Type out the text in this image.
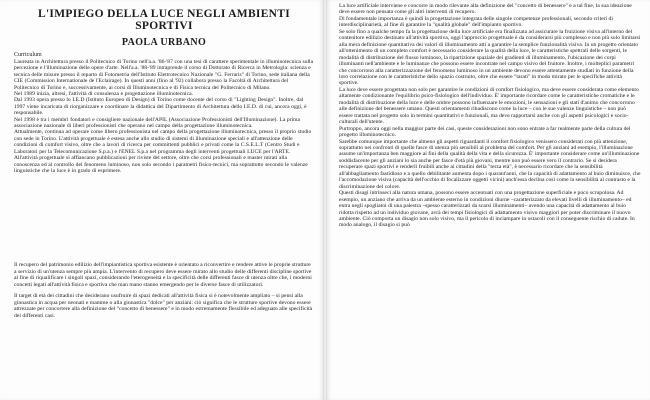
L'IMPIEGO DELLA LUCE NEGLI AMBIENTI SPORTIVI
PAOLA URBANO

Curriculum

Laureata in Architettura presso il Politecnico di Torino nell'a.a. '86-'87 con una tesi di carattere sperimentale in illuminotecnica sulla percezione e l'illuminazione delle opere d'arte. Nell'a.a. '88-'89 intraprende il corso di Dottorato di Ricerca in Metrologia: scienza e tecnica delle misure presso il reparto di Fotometria dell'Istituto Elettrotecnico Nazionale "G. Ferraris" di Torino, sede italiana della CIE (Commission Internationale de l'Eclairage). In questi anni (fino al '92) collabora presso la Facoltà di Architettura del Politecnico di Torino e, successivamente, ai corsi di Illuminotecnica e di Fisica tecnica del Politecnico di Milano.

Nel 1989 inizia, altresì, l'attività di consulenza e progettazione illuminotecnica.

Dal 1993 opera presso lo I.E.D (Istituto Europeo di Design) di Torino come docente del corso di "Lighting Design". Inoltre, dal 1997 viene incaricata di riorganizzare e coordinare la didattica del Dipartimento di Architettura dello I.E.D. di cui, ancora oggi, è responsabile.

Nel 1998 è tra i membri fondatori e consigliere nazionale dell'APIL (Associazione Professionisti dell'Illuminazione). La prima associazione nazionale di liberi professionisti che operano nel campo della progettazione illuminotecnica.

Attualmente, continua ad operare come libero professionista nel campo della progettazione illuminotecnica, presso il proprio studio con sede in Torino. L'attività progettuale è estesa anche allo studio di sistemi di illuminazione speciali e all'attenzione delle condizioni di comfort visivo, oltre che a lavori di ricerca per committenti pubblici e privati come la C.S.E.L.T (Centro Studi e Laboratori per la Telecomunicazione S.p.a.) e l'ENEL S.p.a nel programma degli interventi progettuali LUCE per l'ARTE.

All'attività progettuale si affiancano pubblicazioni per riviste del settore, oltre che corsi professionali e master mirati alla conoscenza ed al controllo del fenomeno luminoso, non solo secondo i parametri fisico-tecnici, ma soprattutto secondo le valenze linguistiche che la luce è in grado di esprimere.

Il recupero del patrimonio edilizio dell'impiantistica sportiva esistente è orientato a riconvertire e rendere attive le proprie strutture a servizio di un'utenza sempre più ampia. L'intervento di recupero deve essere mirato allo studio delle differenti discipline sportive al fine di riqualificare i singoli spazi, considerando l'eterogeneità e la specificità delle differenti fasce di utenza oltre che, i moderni concetti legati all'attività fisica e sportiva che man mano stanno emergendo per le diverse fasce di utilizzatori.

Il target di età dei cittadini che desiderano usufruire di spazi dedicati all'attività fisica si è notevolmente ampliato – si pensi alla ginnastica in acqua per neonati e mamme o alla ginnastica "dolce" per anziani: ciò significa che le strutture sportive devono essere attrezzate per concorrere alla definizione del "concetto di benessere" e in modo estremamente flessibile ed adeguato alle specificità dei differenti casi.

La luce artificiale interviene e concorre in modo rilevante alla definizione del "concetto di benessere" e a tal fine, la sua ideazione deve essere non pensata come gli altri interventi di recupero.

Di fondamentale importanza è quindi la progettazione integrata delle singole competenze professionali, secondo criteri di interdisciplinarietà, al fine di garantire la "qualità globale" dell'impianto sportivo.

Se solo fino a qualche tempo fa la progettazione della luce artificiale era finalizzata ad assicurare la fruizione visiva all'interno del contenitore edilizio destinato all'attività sportiva, oggi l'approccio progettuale è da considerarsi più complesso e non più solo limitarsi alla mera definizione quantitativa dei valori di illuminamento atti a garantire la semplice funzionalità visiva. In un progetto orientato all'ottenimento di un completo comfort è necessario considerare la qualità della luce, le caratteristiche spettrali delle sorgenti, le modalità di distribuzione del flusso luminoso, la ripartizione spaziale dei gradienti di illuminamento, l'ubicazione dei corpi illuminanti nell'ambiente e le luminanze che possono essere incontrate nel campo visivo del fruitore. Inoltre, i molteplici parametri che concorrono alla caratterizzazione del fenomeno luminoso in un ambiente devono essere attentamente studiati in funzione della loro correlazione con le caratteristiche dello spazio costruito, oltre che essere "tarati" in modo mirato per le specifiche attività sportive.

La luce deve essere progettata non solo per garantire le condizioni di comfort fisiologico, ma deve essere considerata come elemento altamente condizionante l'equilibrio psico-fisiologico dell'individuo. È' importante ricordare come le caratteristiche cromatiche e le modalità di distribuzione della luce e delle ombre possono influenzare le emozioni, le sensazioni e gli stati d'animo che concorrono alle definizione del benessere umano. Questi orientamenti ribadiscono come la luce – con le sue valenze linguistiche – non può essere trattata nel progetto solo in termini quantitativi e funzionali, ma deve rapportarsi anche con gli aspetti psicologici e socio-culturali dell'utente.

Purtroppo, ancora oggi nella maggior parte dei casi, queste considerazioni non sono entrate a far realmente parte della cultura del progetto illuminotecnico.

Sarebbe comunque importante che almeno gli aspetti riguardanti il comfort fisiologico venissero considerati con più attenzione, soprattutto nei confronti di quelle fasce di utenza più sensibili al problema del comfort. Per gli anziani ad esempio, l'illuminazione assume un'importanza ben maggiore ai fini della qualità della vita e della sicurezza. È' importante considerare come un'illuminazione soddisfacente per gli anziani lo sia anche per fasce d'età più giovani, mentre non può essere vero il contrario. Se si desidera recuperare spazi sportivi e renderli fruibili anche ai cittadini della "terza età", è necessario ricordare che la sensibilità all'abbagliamento fastidioso e a quello debilitante aumenta dopo i quarant'anni, che la capacità di adattamento al buio diminuisce, che l'accomodazione visiva (capacità dell'occhio di focalizzare oggetti vicini) anch'essa declina così come la sensibilità al contrasto e la discriminazione del colore.

Questi disagi intrinseci alla natura umana, possono essere accentuati con una progettazione superficiale e poco scrupolosa. Ad esempio, un anziano che arriva da un ambiente esterno in condizioni diurne –caratterizzato da elevati livelli di illuminamento– ed entra negli spogliatoi di una palestra –spesso caratterizzati da scarsi illuminamenti– avendo una capacità di adattamento al buio ridotta rispetto ad un individuo giovane, avrà dei tempi fisiologici di adattamento visivo maggiori per poter discriminare il nuovo ambiente. Ciò comporta un disagio non solo visivo, ma il pericolo di inciampare in ostacoli con il conseguente rischio di cadute. In modo analogo, il disagio si può
